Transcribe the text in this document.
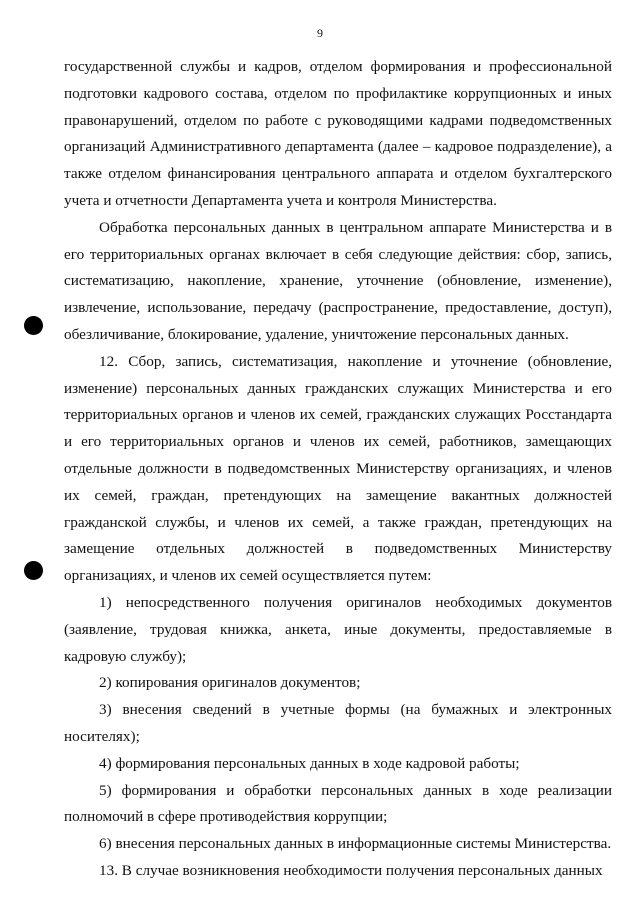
9

государственной службы и кадров, отделом формирования и профессиональной подготовки кадрового состава, отделом по профилактике коррупционных и иных правонарушений, отделом по работе с руководящими кадрами подведомственных организаций Административного департамента (далее – кадровое подразделение), а также отделом финансирования центрального аппарата и отделом бухгалтерского учета и отчетности Департамента учета и контроля Министерства.

Обработка персональных данных в центральном аппарате Министерства и в его территориальных органах включает в себя следующие действия: сбор, запись, систематизацию, накопление, хранение, уточнение (обновление, изменение), извлечение, использование, передачу (распространение, предоставление, доступ), обезличивание, блокирование, удаление, уничтожение персональных данных.

12. Сбор, запись, систематизация, накопление и уточнение (обновление, изменение) персональных данных гражданских служащих Министерства и его территориальных органов и членов их семей, гражданских служащих Росстандарта и его территориальных органов и членов их семей, работников, замещающих отдельные должности в подведомственных Министерству организациях, и членов их семей, граждан, претендующих на замещение вакантных должностей гражданской службы, и членов их семей, а также граждан, претендующих на замещение отдельных должностей в подведомственных Министерству организациях, и членов их семей осуществляется путем:

1) непосредственного получения оригиналов необходимых документов (заявление, трудовая книжка, анкета, иные документы, предоставляемые в кадровую службу);

2) копирования оригиналов документов;

3) внесения сведений в учетные формы (на бумажных и электронных носителях);

4) формирования персональных данных в ходе кадровой работы;

5) формирования и обработки персональных данных в ходе реализации полномочий в сфере противодействия коррупции;

6) внесения персональных данных в информационные системы Министерства.

13. В случае возникновения необходимости получения персональных данных
